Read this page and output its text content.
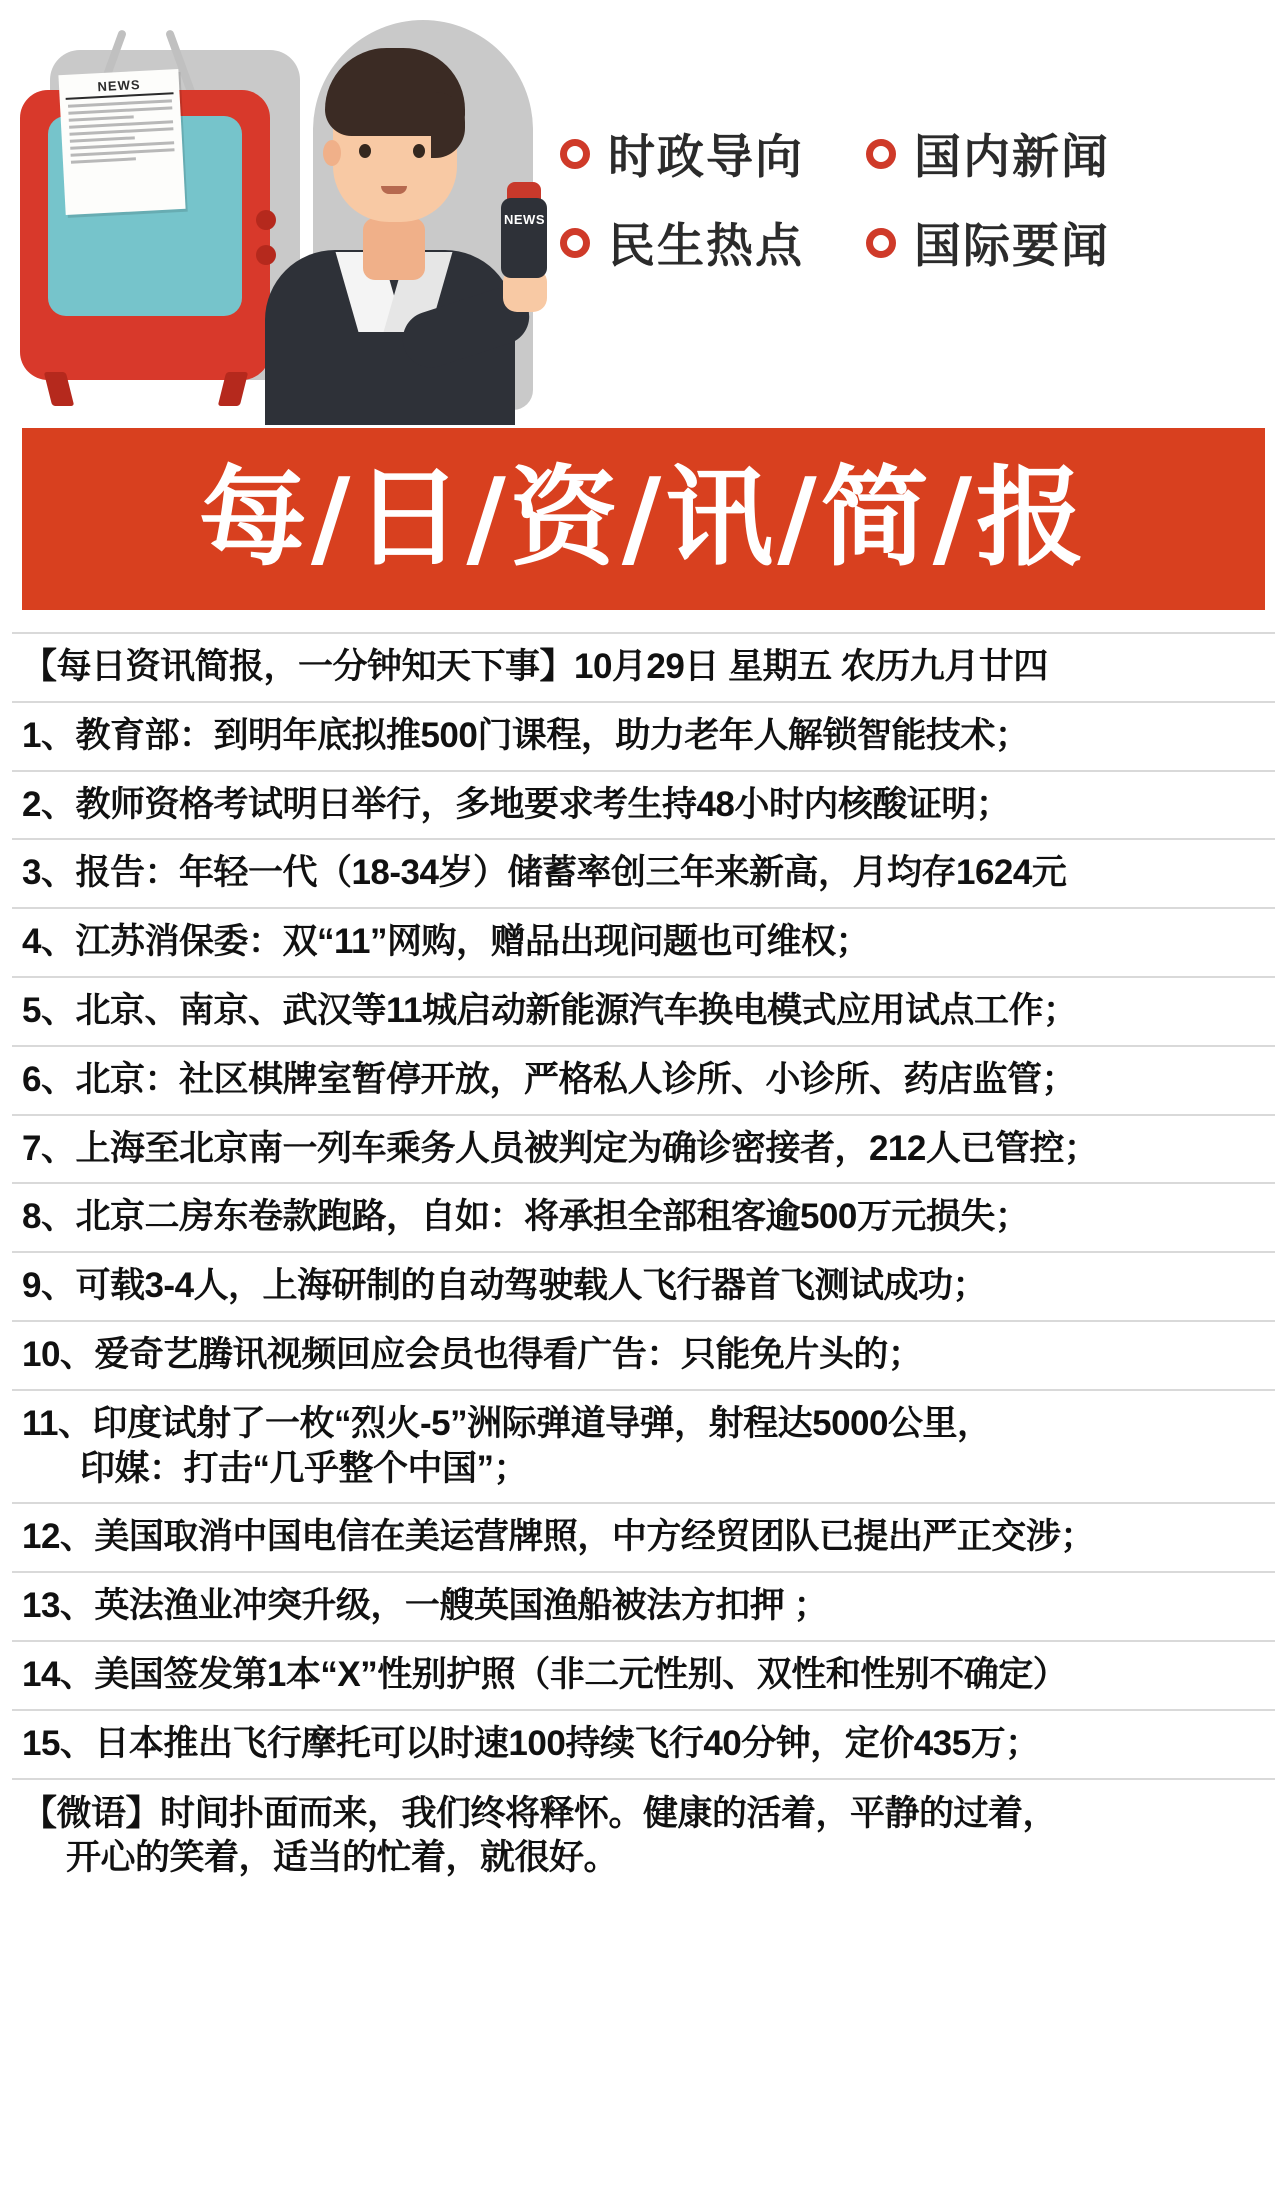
NEWS
NEWS
时政导向 国内新闻
民生热点 国际要闻
每/日/资/讯/简/报
【每日资讯简报，一分钟知天下事】10月29日 星期五 农历九月廿四
1、教育部：到明年底拟推500门课程，助力老年人解锁智能技术；
2、教师资格考试明日举行，多地要求考生持48小时内核酸证明；
3、报告：年轻一代（18-34岁）储蓄率创三年来新高，月均存1624元
4、江苏消保委：双“11”网购，赠品出现问题也可维权；
5、北京、南京、武汉等11城启动新能源汽车换电模式应用试点工作；
6、北京：社区棋牌室暂停开放，严格私人诊所、小诊所、药店监管；
7、上海至北京南一列车乘务人员被判定为确诊密接者，212人已管控；
8、北京二房东卷款跑路，自如：将承担全部租客逾500万元损失；
9、可载3-4人，上海研制的自动驾驶载人飞行器首飞测试成功；
10、爱奇艺腾讯视频回应会员也得看广告：只能免片头的；
11、印度试射了一枚“烈火-5”洲际弹道导弹，射程达5000公里，
印媒：打击“几乎整个中国”；
12、美国取消中国电信在美运营牌照，中方经贸团队已提出严正交涉；
13、英法渔业冲突升级，一艘英国渔船被法方扣押 ；
14、美国签发第1本“X”性别护照（非二元性别、双性和性别不确定）
15、日本推出飞行摩托可以时速100持续飞行40分钟，定价435万；
【微语】时间扑面而来，我们终将释怀。健康的活着，平静的过着，
开心的笑着，适当的忙着，就很好。
